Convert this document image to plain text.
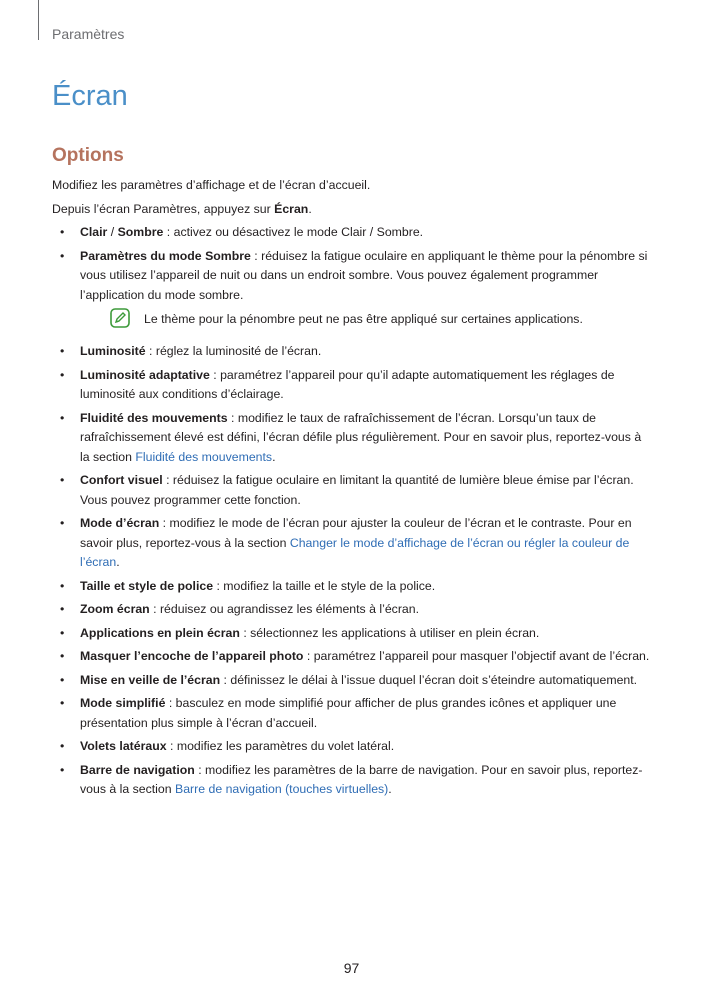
Paramètres
Écran
Options

Modifiez les paramètres d’affichage et de l’écran d’accueil.

Depuis l’écran Paramètres, appuyez sur Écran.

• Clair / Sombre : activez ou désactivez le mode Clair / Sombre.
• Paramètres du mode Sombre : réduisez la fatigue oculaire en appliquant le thème pour la pénombre si vous utilisez l’appareil de nuit ou dans un endroit sombre. Vous pouvez également programmer l’application du mode sombre.
Le thème pour la pénombre peut ne pas être appliqué sur certaines applications.
• Luminosité : réglez la luminosité de l’écran.
• Luminosité adaptative : paramétrez l’appareil pour qu’il adapte automatiquement les réglages de luminosité aux conditions d’éclairage.
• Fluidité des mouvements : modifiez le taux de rafraîchissement de l’écran. Lorsqu’un taux de rafraîchissement élevé est défini, l’écran défile plus régulièrement. Pour en savoir plus, reportez-vous à la section Fluidité des mouvements.
• Confort visuel : réduisez la fatigue oculaire en limitant la quantité de lumière bleue émise par l’écran. Vous pouvez programmer cette fonction.
• Mode d’écran : modifiez le mode de l’écran pour ajuster la couleur de l’écran et le contraste. Pour en savoir plus, reportez-vous à la section Changer le mode d’affichage de l’écran ou régler la couleur de l’écran.
• Taille et style de police : modifiez la taille et le style de la police.
• Zoom écran : réduisez ou agrandissez les éléments à l’écran.
• Applications en plein écran : sélectionnez les applications à utiliser en plein écran.
• Masquer l’encoche de l’appareil photo : paramétrez l’appareil pour masquer l’objectif avant de l’écran.
• Mise en veille de l’écran : définissez le délai à l’issue duquel l’écran doit s’éteindre automatiquement.
• Mode simplifié : basculez en mode simplifié pour afficher de plus grandes icônes et appliquer une présentation plus simple à l’écran d’accueil.
• Volets latéraux : modifiez les paramètres du volet latéral.
• Barre de navigation : modifiez les paramètres de la barre de navigation. Pour en savoir plus, reportez-vous à la section Barre de navigation (touches virtuelles).
97
